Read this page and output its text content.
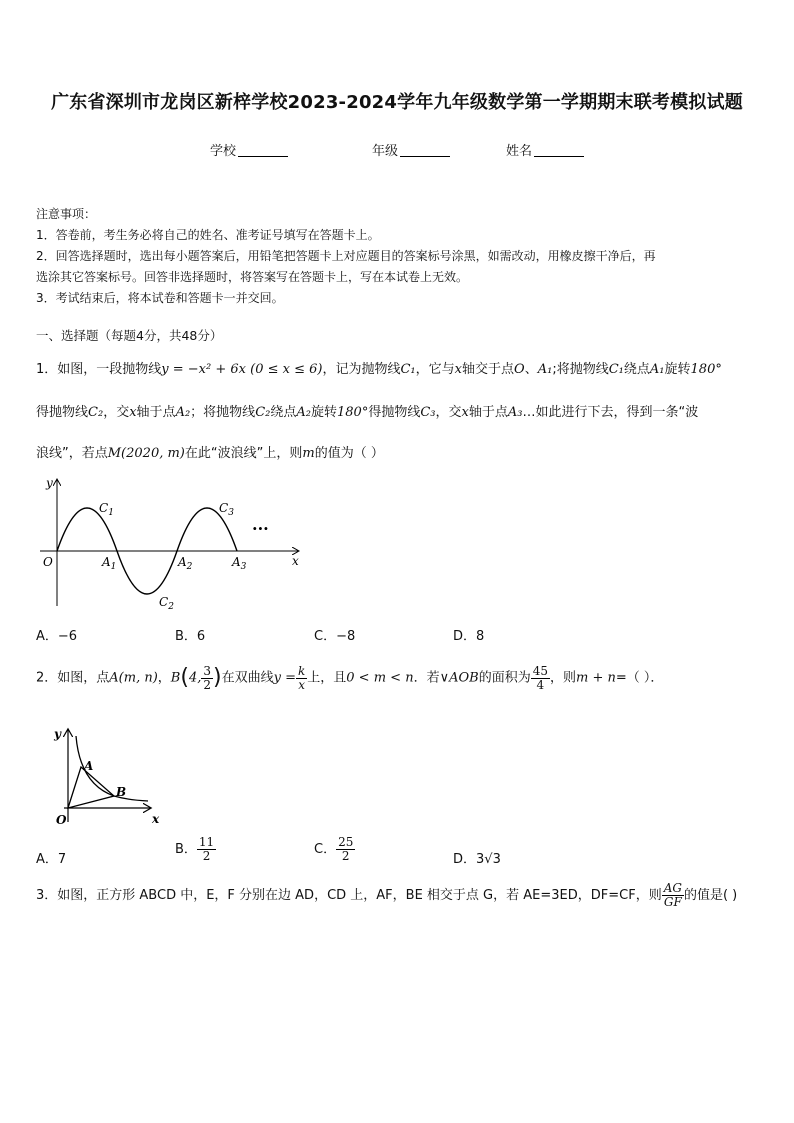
广东省深圳市龙岗区新梓学校2023-2024学年九年级数学第一学期期末联考模拟试题
学校	年级	姓名
注意事项：
1．答卷前，考生务必将自己的姓名、准考证号填写在答题卡上。
2．回答选择题时，选出每小题答案后，用铅笔把答题卡上对应题目的答案标号涂黑，如需改动，用橡皮擦干净后，再
选涂其它答案标号。回答非选择题时，将答案写在答题卡上，写在本试卷上无效。
3．考试结束后，将本试卷和答题卡一并交回。
一、选择题（每题4分，共48分）
1．如图，一段抛物线y = −x² + 6x (0 ≤ x ≤ 6)，记为抛物线C₁，它与x轴交于点O、A₁;将抛物线C₁绕点A₁旋转180°
得抛物线C₂，交x轴于点A₂；将抛物线C₂绕点A₂旋转180°得抛物线C₃，交x轴于点A₃…如此进行下去，得到一条“波
浪线”，若点M(2020, m)在此“波浪线”上，则m的值为（ ）
y
x
O
$C_1$
$C_2$
$C_3$
$A_1$	$A_2$	$A_3$
···
A．−6	B．6	C．−8	D．8
2．如图，点A(m, n)，B(4, $\frac{3}{2}$ )在双曲线$y = \frac{k}{x}$ 上，且0 < m < n．若∨AOB的面积为 $\frac{45}{4}$ ，则m + n=（ ）．
y
x
O
A
B
A．7
B． $\frac{11}{2}$	C． $\frac{25}{2}$	D．3√3
3．如图，正方形 ABCD 中，E，F 分别在边 AD，CD 上，AF，BE 相交于点 G，若 AE=3ED，DF=CF，则 $\frac{AG}{GF}$ 的值是( )
